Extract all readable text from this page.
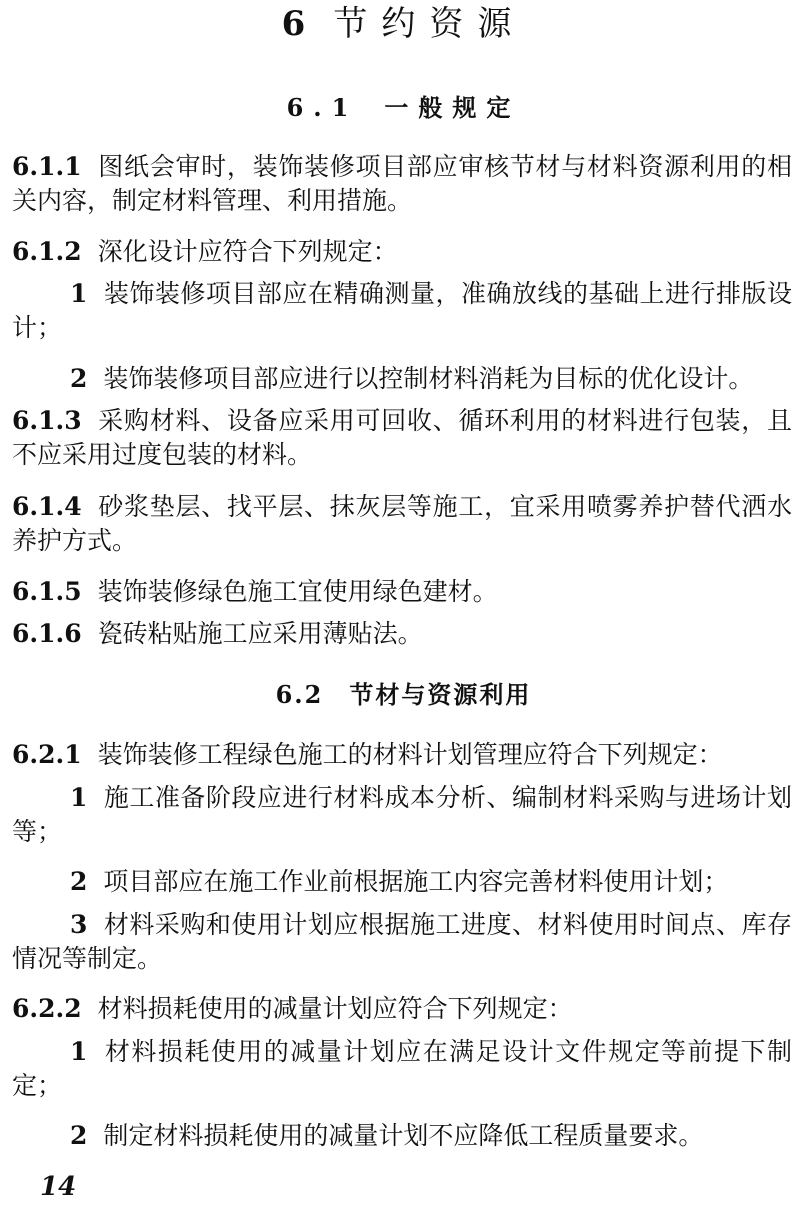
6 节约资源
6.1 一般规定
6.1.1 图纸会审时，装饰装修项目部应审核节材与材料资源利用的相关内容，制定材料管理、利用措施。
6.1.2 深化设计应符合下列规定：
1 装饰装修项目部应在精确测量，准确放线的基础上进行排版设计；
2 装饰装修项目部应进行以控制材料消耗为目标的优化设计。
6.1.3 采购材料、设备应采用可回收、循环利用的材料进行包装，且不应采用过度包装的材料。
6.1.4 砂浆垫层、找平层、抹灰层等施工，宜采用喷雾养护替代洒水养护方式。
6.1.5 装饰装修绿色施工宜使用绿色建材。
6.1.6 瓷砖粘贴施工应采用薄贴法。
6.2 节材与资源利用
6.2.1 装饰装修工程绿色施工的材料计划管理应符合下列规定：
1 施工准备阶段应进行材料成本分析、编制材料采购与进场计划等；
2 项目部应在施工作业前根据施工内容完善材料使用计划；
3 材料采购和使用计划应根据施工进度、材料使用时间点、库存情况等制定。
6.2.2 材料损耗使用的减量计划应符合下列规定：
1 材料损耗使用的减量计划应在满足设计文件规定等前提下制定；
2 制定材料损耗使用的减量计划不应降低工程质量要求。
14
